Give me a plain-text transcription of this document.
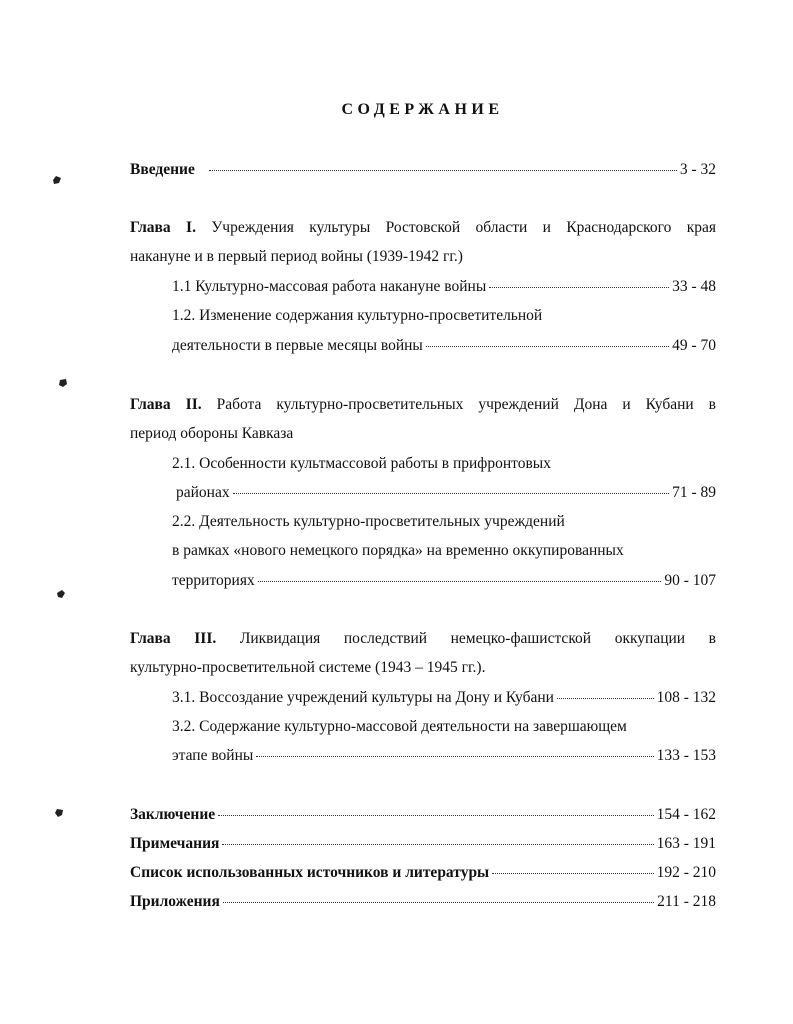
СОДЕРЖАНИЕ
Введение	3 - 32
Глава I. Учреждения культуры Ростовской области и Краснодарского края
накануне и в первый период войны (1939-1942 гг.)
1.1 Культурно-массовая работа накануне войны	33 - 48
1.2. Изменение содержания культурно-просветительной
деятельности в первые месяцы войны	49 - 70
Глава II. Работа культурно-просветительных учреждений Дона и Кубани в
период обороны Кавказа
2.1. Особенности культмассовой работы в прифронтовых
районах	71 - 89
2.2. Деятельность культурно-просветительных учреждений
в рамках «нового немецкого порядка» на временно оккупированных
территориях	90 - 107
Глава III. Ликвидация последствий немецко-фашистской оккупации в
культурно-просветительной системе (1943 – 1945 гг.).
3.1. Воссоздание учреждений культуры на Дону и Кубани	108 - 132
3.2. Содержание культурно-массовой деятельности на завершающем
этапе войны	133 - 153
Заключение	154 - 162
Примечания	163 - 191
Список использованных источников и литературы	192 - 210
Приложения	211 - 218
